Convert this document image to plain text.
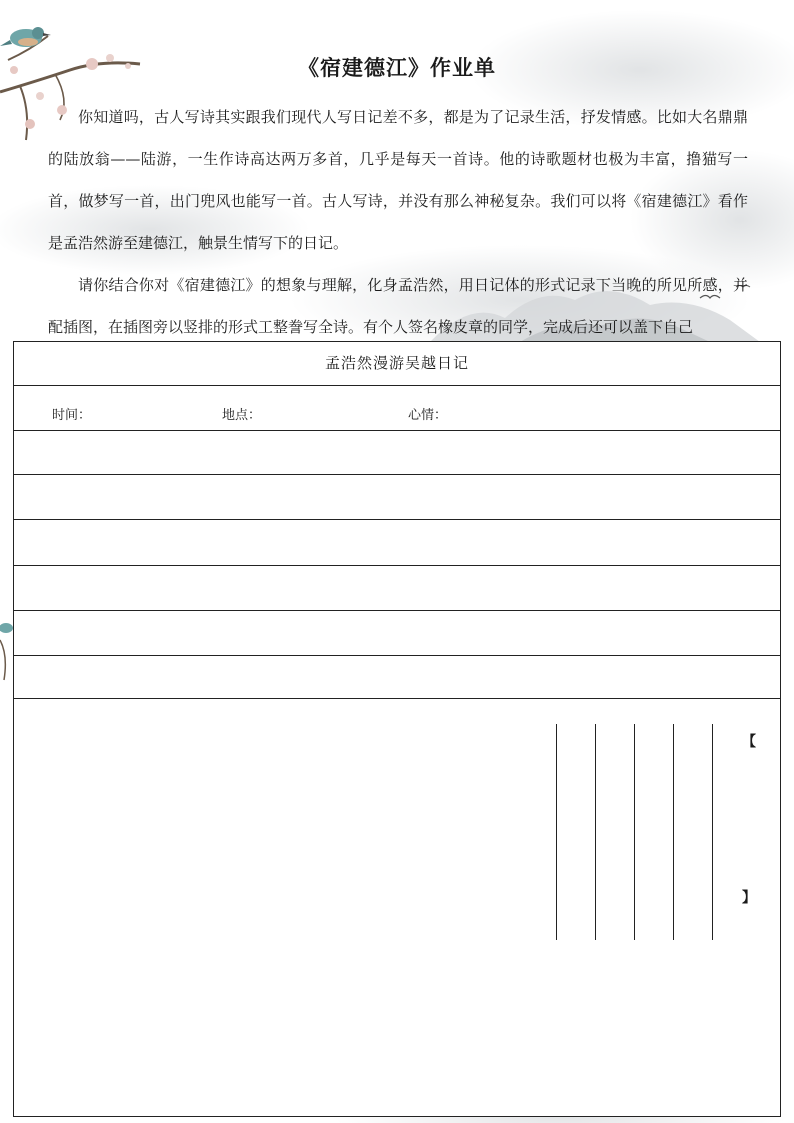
《宿建德江》作业单

你知道吗，古人写诗其实跟我们现代人写日记差不多，都是为了记录生活，抒发情感。比如大名鼎鼎的陆放翁——陆游，一生作诗高达两万多首，几乎是每天一首诗。他的诗歌题材也极为丰富，撸猫写一首，做梦写一首，出门兜风也能写一首。古人写诗，并没有那么神秘复杂。我们可以将《宿建德江》看作是孟浩然游至建德江，触景生情写下的日记。

请你结合你对《宿建德江》的想象与理解，化身孟浩然，用日记体的形式记录下当晚的所见所感，并配插图，在插图旁以竖排的形式工整誊写全诗。有个人签名橡皮章的同学，完成后还可以盖下自己

孟浩然漫游吴越日记
时间：	地点：	心情：
【
】
